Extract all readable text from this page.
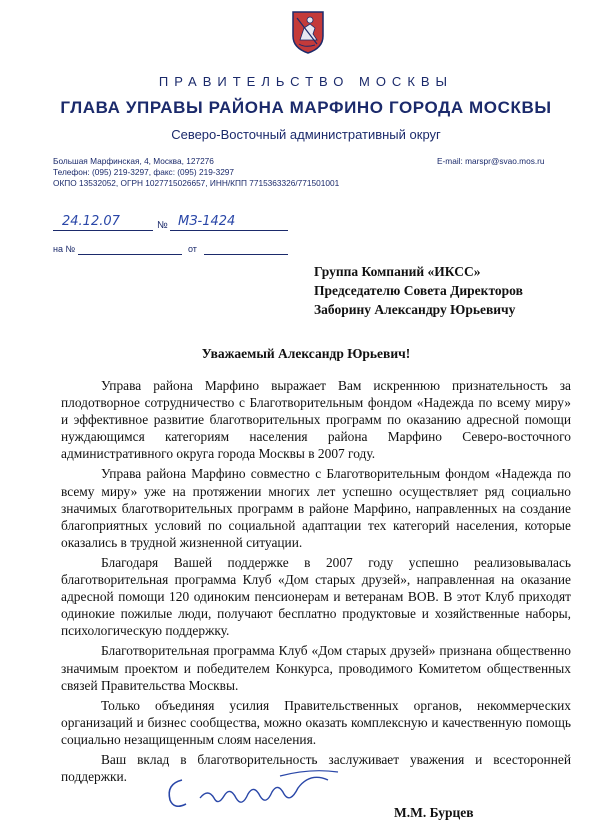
ПРАВИТЕЛЬСТВО МОСКВЫ
ГЛАВА УПРАВЫ РАЙОНА МАРФИНО ГОРОДА МОСКВЫ
Северо-Восточный административный округ
Большая Марфинская, 4, Москва, 127276
Телефон: (095) 219-3297, факс: (095) 219-3297
ОКПО 13532052, ОГРН 1027715026657, ИНН/КПП 7715363326/771501001
E-mail: marspr@svao.mos.ru
24.12.07	№ МЗ-1424
на №	от
Группа Компаний «ИКСС»
Председателю Совета Директоров
Заборину Александру Юрьевичу
Уважаемый Александр Юрьевич!

Управа района Марфино выражает Вам искреннюю признательность за плодотворное сотрудничество с Благотворительным фондом «Надежда по всему миру» и эффективное развитие благотворительных программ по оказанию адресной помощи нуждающимся категориям населения района Марфино Северо-восточного административного округа города Москвы в 2007 году.

Управа района Марфино совместно с Благотворительным фондом «Надежда по всему миру» уже на протяжении многих лет успешно осуществляет ряд социально значимых благотворительных программ в районе Марфино, направленных на создание благоприятных условий по социальной адаптации тех категорий населения, которые оказались в трудной жизненной ситуации.

Благодаря Вашей поддержке в 2007 году успешно реализовывалась благотворительная программа Клуб «Дом старых друзей», направленная на оказание адресной помощи 120 одиноким пенсионерам и ветеранам ВОВ. В этот Клуб приходят одинокие пожилые люди, получают бесплатно продуктовые и хозяйственные наборы, психологическую поддержку.

Благотворительная программа Клуб «Дом старых друзей» признана общественно значимым проектом и победителем Конкурса, проводимого Комитетом общественных связей Правительства Москвы.

Только объединяя усилия Правительственных органов, некоммерческих организаций и бизнес сообщества, можно оказать комплексную и качественную помощь социально незащищенным слоям населения.

Ваш вклад в благотворительность заслуживает уважения и всесторонней поддержки.

М.М. Бурцев
